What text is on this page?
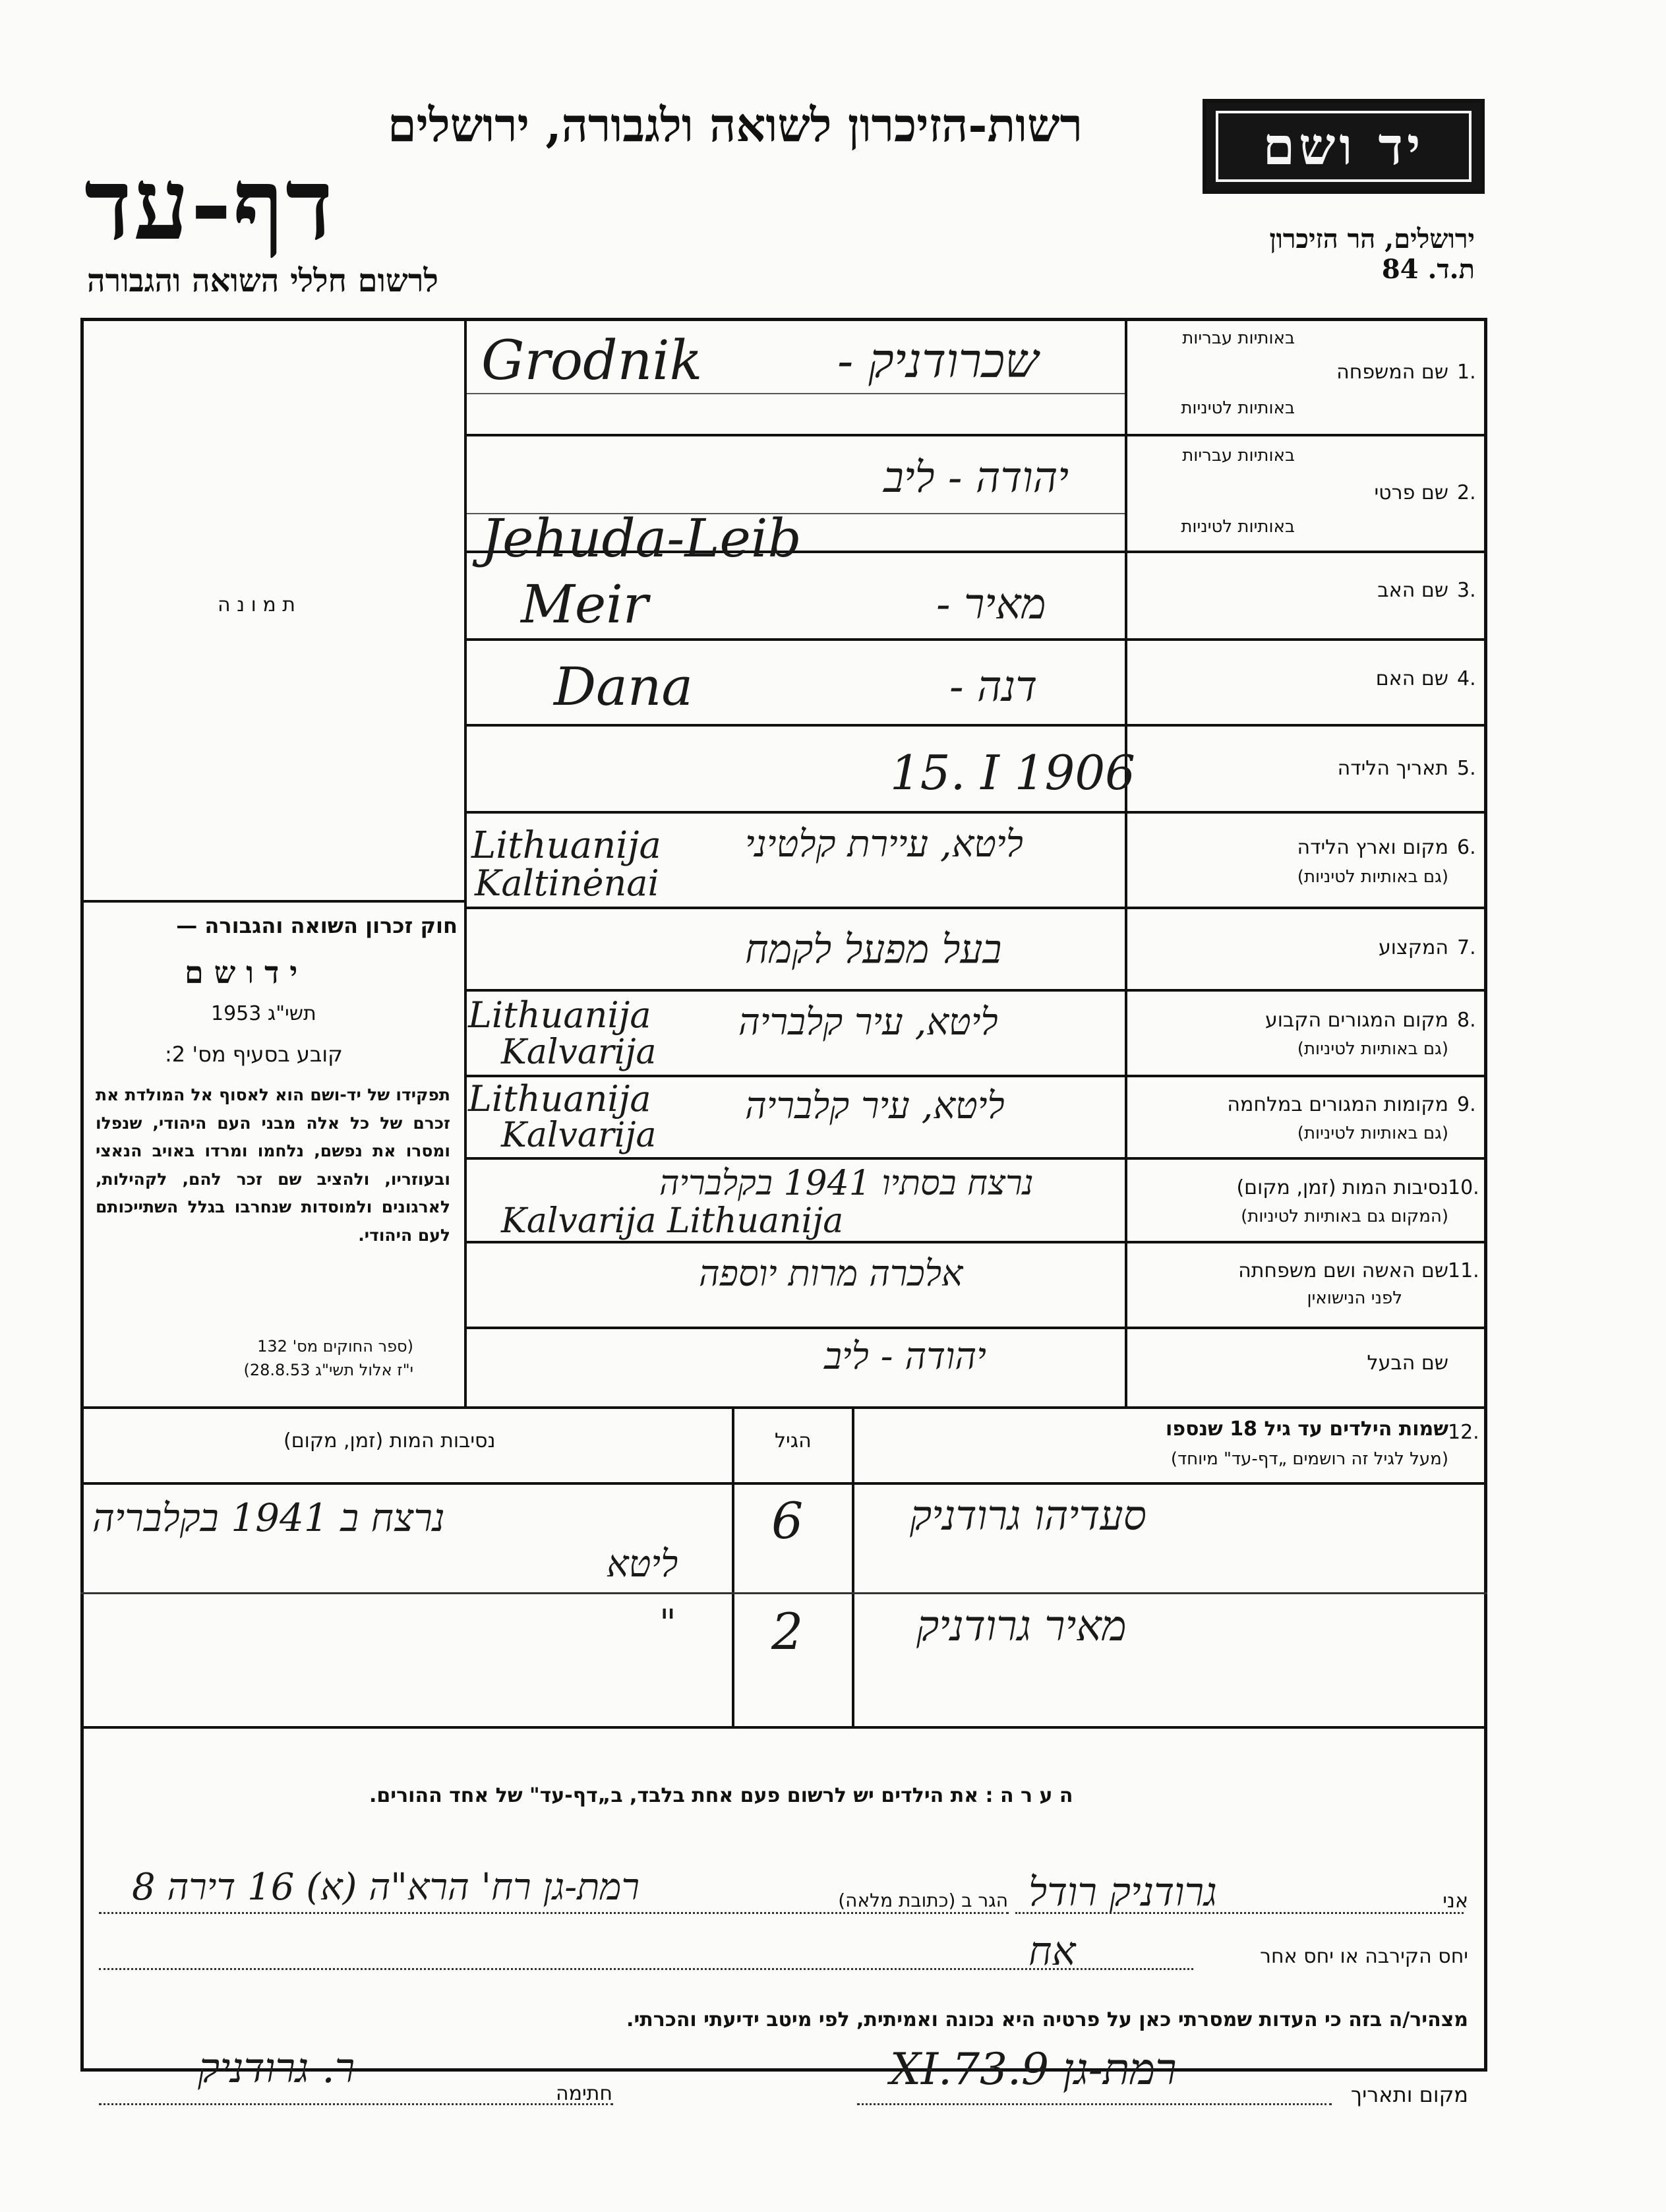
יד ושם
רשות-הזיכרון לשואה ולגבורה, ירושלים
דף-עד
לרשום חללי השואה והגבורה
ירושלים, הר הזיכרון
ת.ד. 84
ת מ ו נ ה
חוק זכרון השואה והגבורה —
י ד ו ש ם
תשי"ג 1953
קובע בסעיף מס' 2:
תפקידו של יד-ושם הוא לאסוף אל המולדת את זכרם של כל אלה מבני העם היהודי, שנפלו ומסרו את נפשם, נלחמו ומרדו באויב הנאצי ובעוזריו, ולהציב שם זכר להם, לקהילות, לארגונים ולמוסדות שנחרבו בגלל השתייכותם לעם היהודי.
(ספר החוקים מס' 132
י"ז אלול תשי"ג 28.8.53)
1.
באותיות עבריות
שם המשפחה
באותיות לטיניות
שכרודניק -
Grodnik
2.
באותיות עבריות
שם פרטי
באותיות לטיניות
יהודה - ליב
Jehuda-Leib
3.
שם האב
מאיר -
Meir
4.
שם האם
דנה -
Dana
5.
תאריך הלידה
15. I 1906
6.
מקום וארץ הלידה
(גם באותיות לטיניות)
ליטא, עיירת קלטיני
Lithuanija
Kaltinėnai
7.
המקצוע
בעל מפעל לקמח
8.
מקום המגורים הקבוע
(גם באותיות לטיניות)
ליטא, עיר קלבריה
Lithuanija
Kalvarija
9.
מקומות המגורים במלחמה
(גם באותיות לטיניות)
ליטא, עיר קלבריה
Lithuanija
Kalvarija
10.
נסיבות המות (זמן, מקום)
(המקום גם באותיות לטיניות)
נרצח בסתיו 1941 בקלבריה
Kalvarija Lithuanija
11.
שם האשה ושם משפחתה
לפני הנישואין
אלכרה מרות יוספה
שם הבעל
יהודה - ליב
12.
שמות הילדים עד גיל 18 שנספו
(מעל לגיל זה רושמים „דף-עד" מיוחד)
הגיל
נסיבות המות (זמן, מקום)
סעדיהו גרודניק
6
נרצח ב 1941 בקלבריה
ליטא
מאיר גרודניק
2
"
ה ע ר ה : את הילדים יש לרשום פעם אחת בלבד, ב„דף-עד" של אחד ההורים.
אני
גרודניק רודל
הגר ב (כתובת מלאה)
רמת-גן רח' הרא"ה (א) 16 דירה 8
יחס הקירבה או יחס אחר
אח
מצהיר/ה בזה כי העדות שמסרתי כאן על פרטיה היא נכונה ואמיתית, לפי מיטב ידיעתי והכרתי.
מקום ותאריך
רמת-גן 9.XI.73
חתימה
ר. גרודניק
